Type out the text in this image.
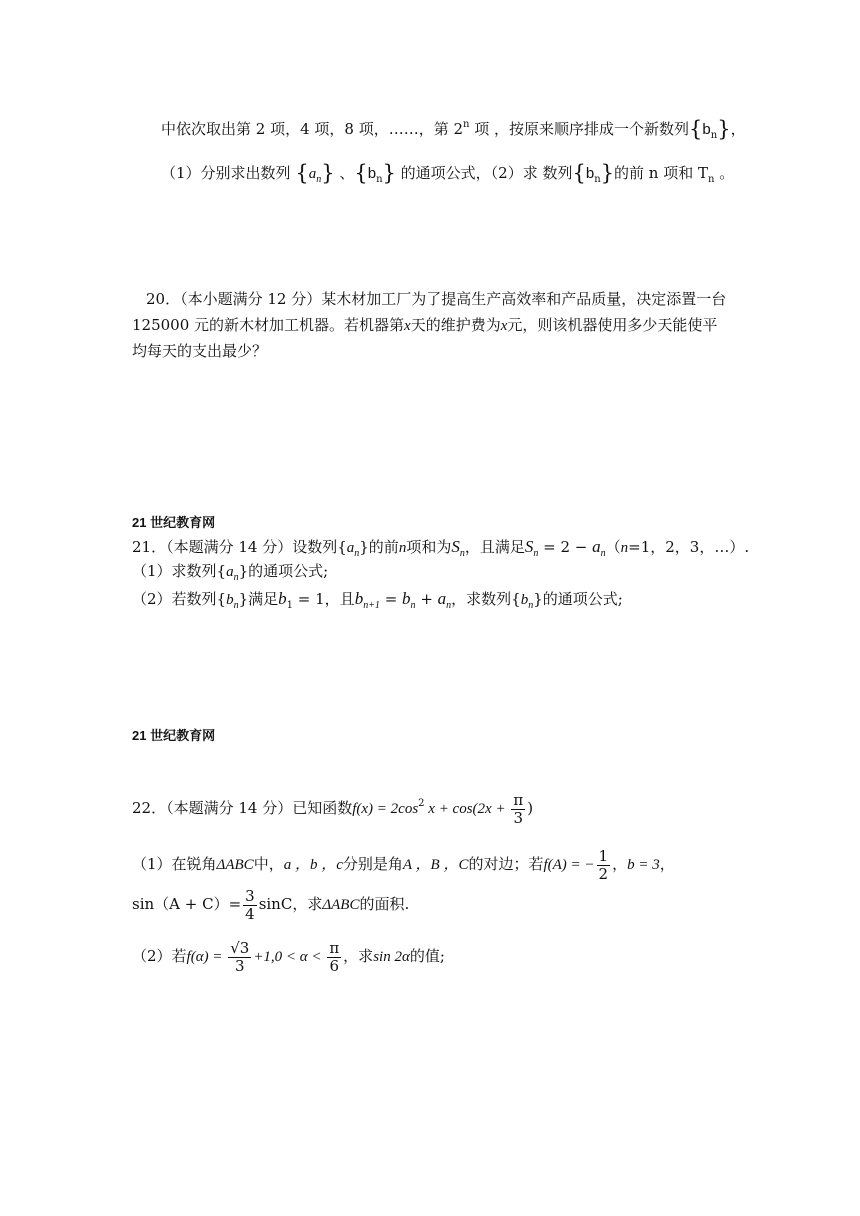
中依次取出第 2 项，4 项，8 项，……，第 2$^n$ 项 ，按原来顺序排成一个新数列$\{b_n\}$，
（1）分别求出数列 $\{a_n\}$ 、$\{b_n\}$ 的通项公式，（2）求 数列$\{b_n\}$的前 n 项和 $T_n$ 。
20．（本小题满分 12 分）某木材加工厂为了提高生产高效率和产品质量，决定添置一台
125000 元的新木材加工机器。若机器第x天的维护费为x元，则该机器使用多少天能使平
均每天的支出最少？
21 世纪教育网
21．（本题满分 14 分）设数列$\{a_n\}$的前n项和为$S_n$，且满足$S_n = 2 - a_n(n=1$，2，3，…）.
（1）求数列$\{a_n\}$的通项公式;
（2）若数列$\{b_n\}$满足$b_1 = 1$，且$b_{n+1} = b_n + a_n$，求数列$\{b_n\}$的通项公式;
21 世纪教育网
22．（本题满分 14 分）已知函数$f(x) = 2\cos^2$ $x + \cos(2x + \frac{\pi}{3}$ )
（1）在锐角ΔABC中，a ，b ，c分别是角A ，B ，C的对边；若f(A) = − $\frac{1}{2}$ ，b = 3，
$\sin(A + C)= \frac{3}{4}$ sinC，求ΔABC的面积.
（2）若$f(\alpha) = \frac{√3}{3} +1,0 < \alpha < \frac{\pi}{6}$ ，求sin 2α的值;
